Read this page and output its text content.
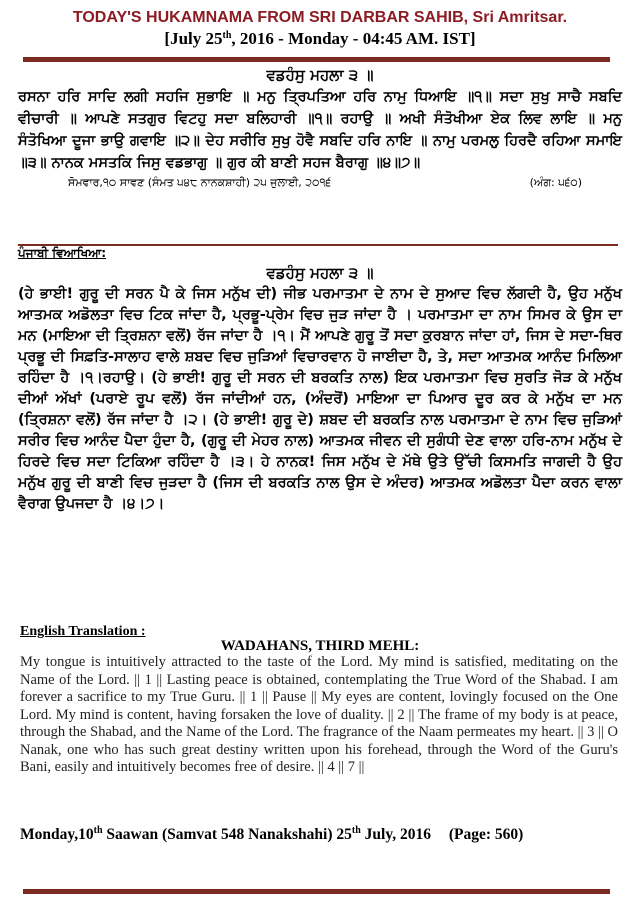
TODAY'S HUKAMNAMA FROM SRI DARBAR SAHIB, Sri Amritsar.

[July 25th, 2016 - Monday - 04:45 AM. IST]

ਵਡਹੰਸੁ ਮਹਲਾ ੩ ॥
ਰਸਨਾ ਹਰਿ ਸਾਦਿ ਲਗੀ ਸਹਜਿ ਸੁਭਾਇ ॥ ਮਨੁ ਤ੍ਰਿਪਤਿਆ ਹਰਿ ਨਾਮੁ ਧਿਆਇ ॥੧॥ ਸਦਾ ਸੁਖੁ ਸਾਚੈ ਸਬਦਿ ਵੀਚਾਰੀ ॥ ਆਪਣੇ ਸਤਗੁਰ ਵਿਟਹੁ ਸਦਾ ਬਲਿਹਾਰੀ ॥੧॥ ਰਹਾਉ ॥ ਅਖੀ ਸੰਤੋਖੀਆ ਏਕ ਲਿਵ ਲਾਇ ॥ ਮਨੁ ਸੰਤੋਖਿਆ ਦੂਜਾ ਭਾਉ ਗਵਾਇ ॥੨॥ ਦੇਹ ਸਰੀਰਿ ਸੁਖੁ ਹੋਵੈ ਸਬਦਿ ਹਰਿ ਨਾਇ ॥ ਨਾਮੁ ਪਰਮਲੁ ਹਿਰਦੈ ਰਹਿਆ ਸਮਾਇ ॥੩॥ ਨਾਨਕ ਮਸਤਕਿ ਜਿਸੁ ਵਡਭਾਗੁ ॥ ਗੁਰ ਕੀ ਬਾਣੀ ਸਹਜ ਬੈਰਾਗੁ ॥੪॥੭॥
ਸੋਮਵਾਰ,੧੦ ਸਾਵਣ (ਸੰਮਤ ੫੪੮ ਨਾਨਕਸ਼ਾਹੀ) ੨੫ ਜੁਲਾਈ, ੨੦੧੬	(ਅੰਗ: ੫੬੦)
ਪੰਜਾਬੀ ਵਿਆਖਿਆ:
ਵਡਹੰਸੁ ਮਹਲਾ ੩ ॥
(ਹੇ ਭਾਈ! ਗੁਰੂ ਦੀ ਸਰਨ ਪੈ ਕੇ ਜਿਸ ਮਨੁੱਖ ਦੀ) ਜੀਭ ਪਰਮਾਤਮਾ ਦੇ ਨਾਮ ਦੇ ਸੁਆਦ ਵਿਚ ਲੱਗਦੀ ਹੈ, ਉਹ ਮਨੁੱਖ ਆਤਮਕ ਅਡੋਲਤਾ ਵਿਚ ਟਿਕ ਜਾਂਦਾ ਹੈ, ਪ੍ਰਭੂ-ਪ੍ਰੇਮ ਵਿਚ ਜੁੜ ਜਾਂਦਾ ਹੈ । ਪਰਮਾਤਮਾ ਦਾ ਨਾਮ ਸਿਮਰ ਕੇ ਉਸ ਦਾ ਮਨ (ਮਾਇਆ ਦੀ ਤ੍ਰਿਸ਼ਨਾ ਵਲੋਂ) ਰੱਜ ਜਾਂਦਾ ਹੈ ।੧। ਮੈਂ ਆਪਣੇ ਗੁਰੂ ਤੋਂ ਸਦਾ ਕੁਰਬਾਨ ਜਾਂਦਾ ਹਾਂ, ਜਿਸ ਦੇ ਸਦਾ-ਥਿਰ ਪ੍ਰਭੂ ਦੀ ਸਿਫ਼ਤਿ-ਸਾਲਾਹ ਵਾਲੇ ਸ਼ਬਦ ਵਿਚ ਜੁੜਿਆਂ ਵਿਚਾਰਵਾਨ ਹੋ ਜਾਈਦਾ ਹੈ, ਤੇ, ਸਦਾ ਆਤਮਕ ਆਨੰਦ ਮਿਲਿਆ ਰਹਿੰਦਾ ਹੈ ।੧।ਰਹਾਉ। (ਹੇ ਭਾਈ! ਗੁਰੂ ਦੀ ਸਰਨ ਦੀ ਬਰਕਤਿ ਨਾਲ) ਇਕ ਪਰਮਾਤਮਾ ਵਿਚ ਸੁਰਤਿ ਜੋੜ ਕੇ ਮਨੁੱਖ ਦੀਆਂ ਅੱਖਾਂ (ਪਰਾਏ ਰੂਪ ਵਲੋਂ) ਰੱਜ ਜਾਂਦੀਆਂ ਹਨ, (ਅੰਦਰੋਂ) ਮਾਇਆ ਦਾ ਪਿਆਰ ਦੂਰ ਕਰ ਕੇ ਮਨੁੱਖ ਦਾ ਮਨ (ਤ੍ਰਿਸ਼ਨਾ ਵਲੋਂ) ਰੱਜ ਜਾਂਦਾ ਹੈ ।੨। (ਹੇ ਭਾਈ! ਗੁਰੂ ਦੇ) ਸ਼ਬਦ ਦੀ ਬਰਕਤਿ ਨਾਲ ਪਰਮਾਤਮਾ ਦੇ ਨਾਮ ਵਿਚ ਜੁੜਿਆਂ ਸਰੀਰ ਵਿਚ ਆਨੰਦ ਪੈਦਾ ਹੁੰਦਾ ਹੈ, (ਗੁਰੂ ਦੀ ਮੇਹਰ ਨਾਲ) ਆਤਮਕ ਜੀਵਨ ਦੀ ਸੁਗੰਧੀ ਦੇਣ ਵਾਲਾ ਹਰਿ-ਨਾਮ ਮਨੁੱਖ ਦੇ ਹਿਰਦੇ ਵਿਚ ਸਦਾ ਟਿਕਿਆ ਰਹਿੰਦਾ ਹੈ ।੩। ਹੇ ਨਾਨਕ! ਜਿਸ ਮਨੁੱਖ ਦੇ ਮੱਥੇ ਉਤੇ ਉੱਚੀ ਕਿਸਮਤਿ ਜਾਗਦੀ ਹੈ ਉਹ ਮਨੁੱਖ ਗੁਰੂ ਦੀ ਬਾਣੀ ਵਿਚ ਜੁੜਦਾ ਹੈ (ਜਿਸ ਦੀ ਬਰਕਤਿ ਨਾਲ ਉਸ ਦੇ ਅੰਦਰ) ਆਤਮਕ ਅਡੋਲਤਾ ਪੈਦਾ ਕਰਨ ਵਾਲਾ ਵੈਰਾਗ ਉਪਜਦਾ ਹੈ ।੪।੭।
English Translation :
WADAHANS, THIRD MEHL:
My tongue is intuitively attracted to the taste of the Lord. My mind is satisfied, meditating on the Name of the Lord. || 1 || Lasting peace is obtained, contemplating the True Word of the Shabad. I am forever a sacrifice to my True Guru. || 1 || Pause || My eyes are content, lovingly focused on the One Lord. My mind is content, having forsaken the love of duality. || 2 || The frame of my body is at peace, through the Shabad, and the Name of the Lord. The fragrance of the Naam permeates my heart. || 3 || O Nanak, one who has such great destiny written upon his forehead, through the Word of the Guru's Bani, easily and intuitively becomes free of desire. || 4 || 7 ||
Monday,10th Saawan (Samvat 548 Nanakshahi) 25th July, 2016 (Page: 560)
